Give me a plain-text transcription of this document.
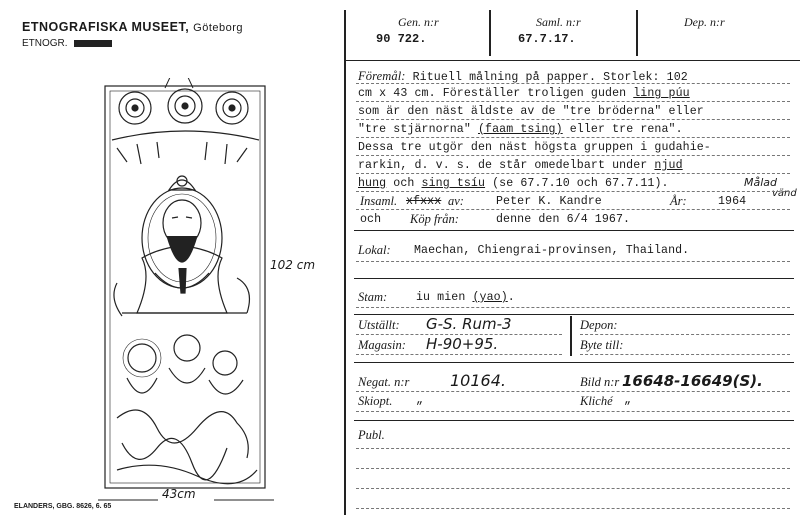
ETNOGRAFISKA MUSEET, Göteborg
ETNOGR.
102 cm
43cm
ELANDERS, GBG. 8626, 6. 65
Gen. n:r
90 722.
Saml. n:r
67.7.17.
Dep. n:r
Föremål: Rituell målning på papper. Storlek: 102
cm x 43 cm. Föreställer troligen guden ling púu
som är den näst äldste av de "tre bröderna" eller
"tre stjärnorna" (faam tsing) eller tre rena".
Dessa tre utgör den näst högsta gruppen i gudahie-
rarkin, d. v. s. de står omedelbart under njud
hung och sing tsíu (se 67.7.10 och 67.7.11).	Målad
vänd
Insaml. xfxxx av:	Peter K. Kandre	År:	1964
och Köp från:	denne den 6/4 1967.
Lokal: Maechan, Chiengrai-provinsen, Thailand.
Stam: iu mien (yao).
Utställt: G-S. Rum-3
Magasin: H-90+95.
Depon:
Byte till:
Negat. n:r	10164.	Bild n:r 16648-16649(S).
Skiopt. „	Kliché „
Publ.
